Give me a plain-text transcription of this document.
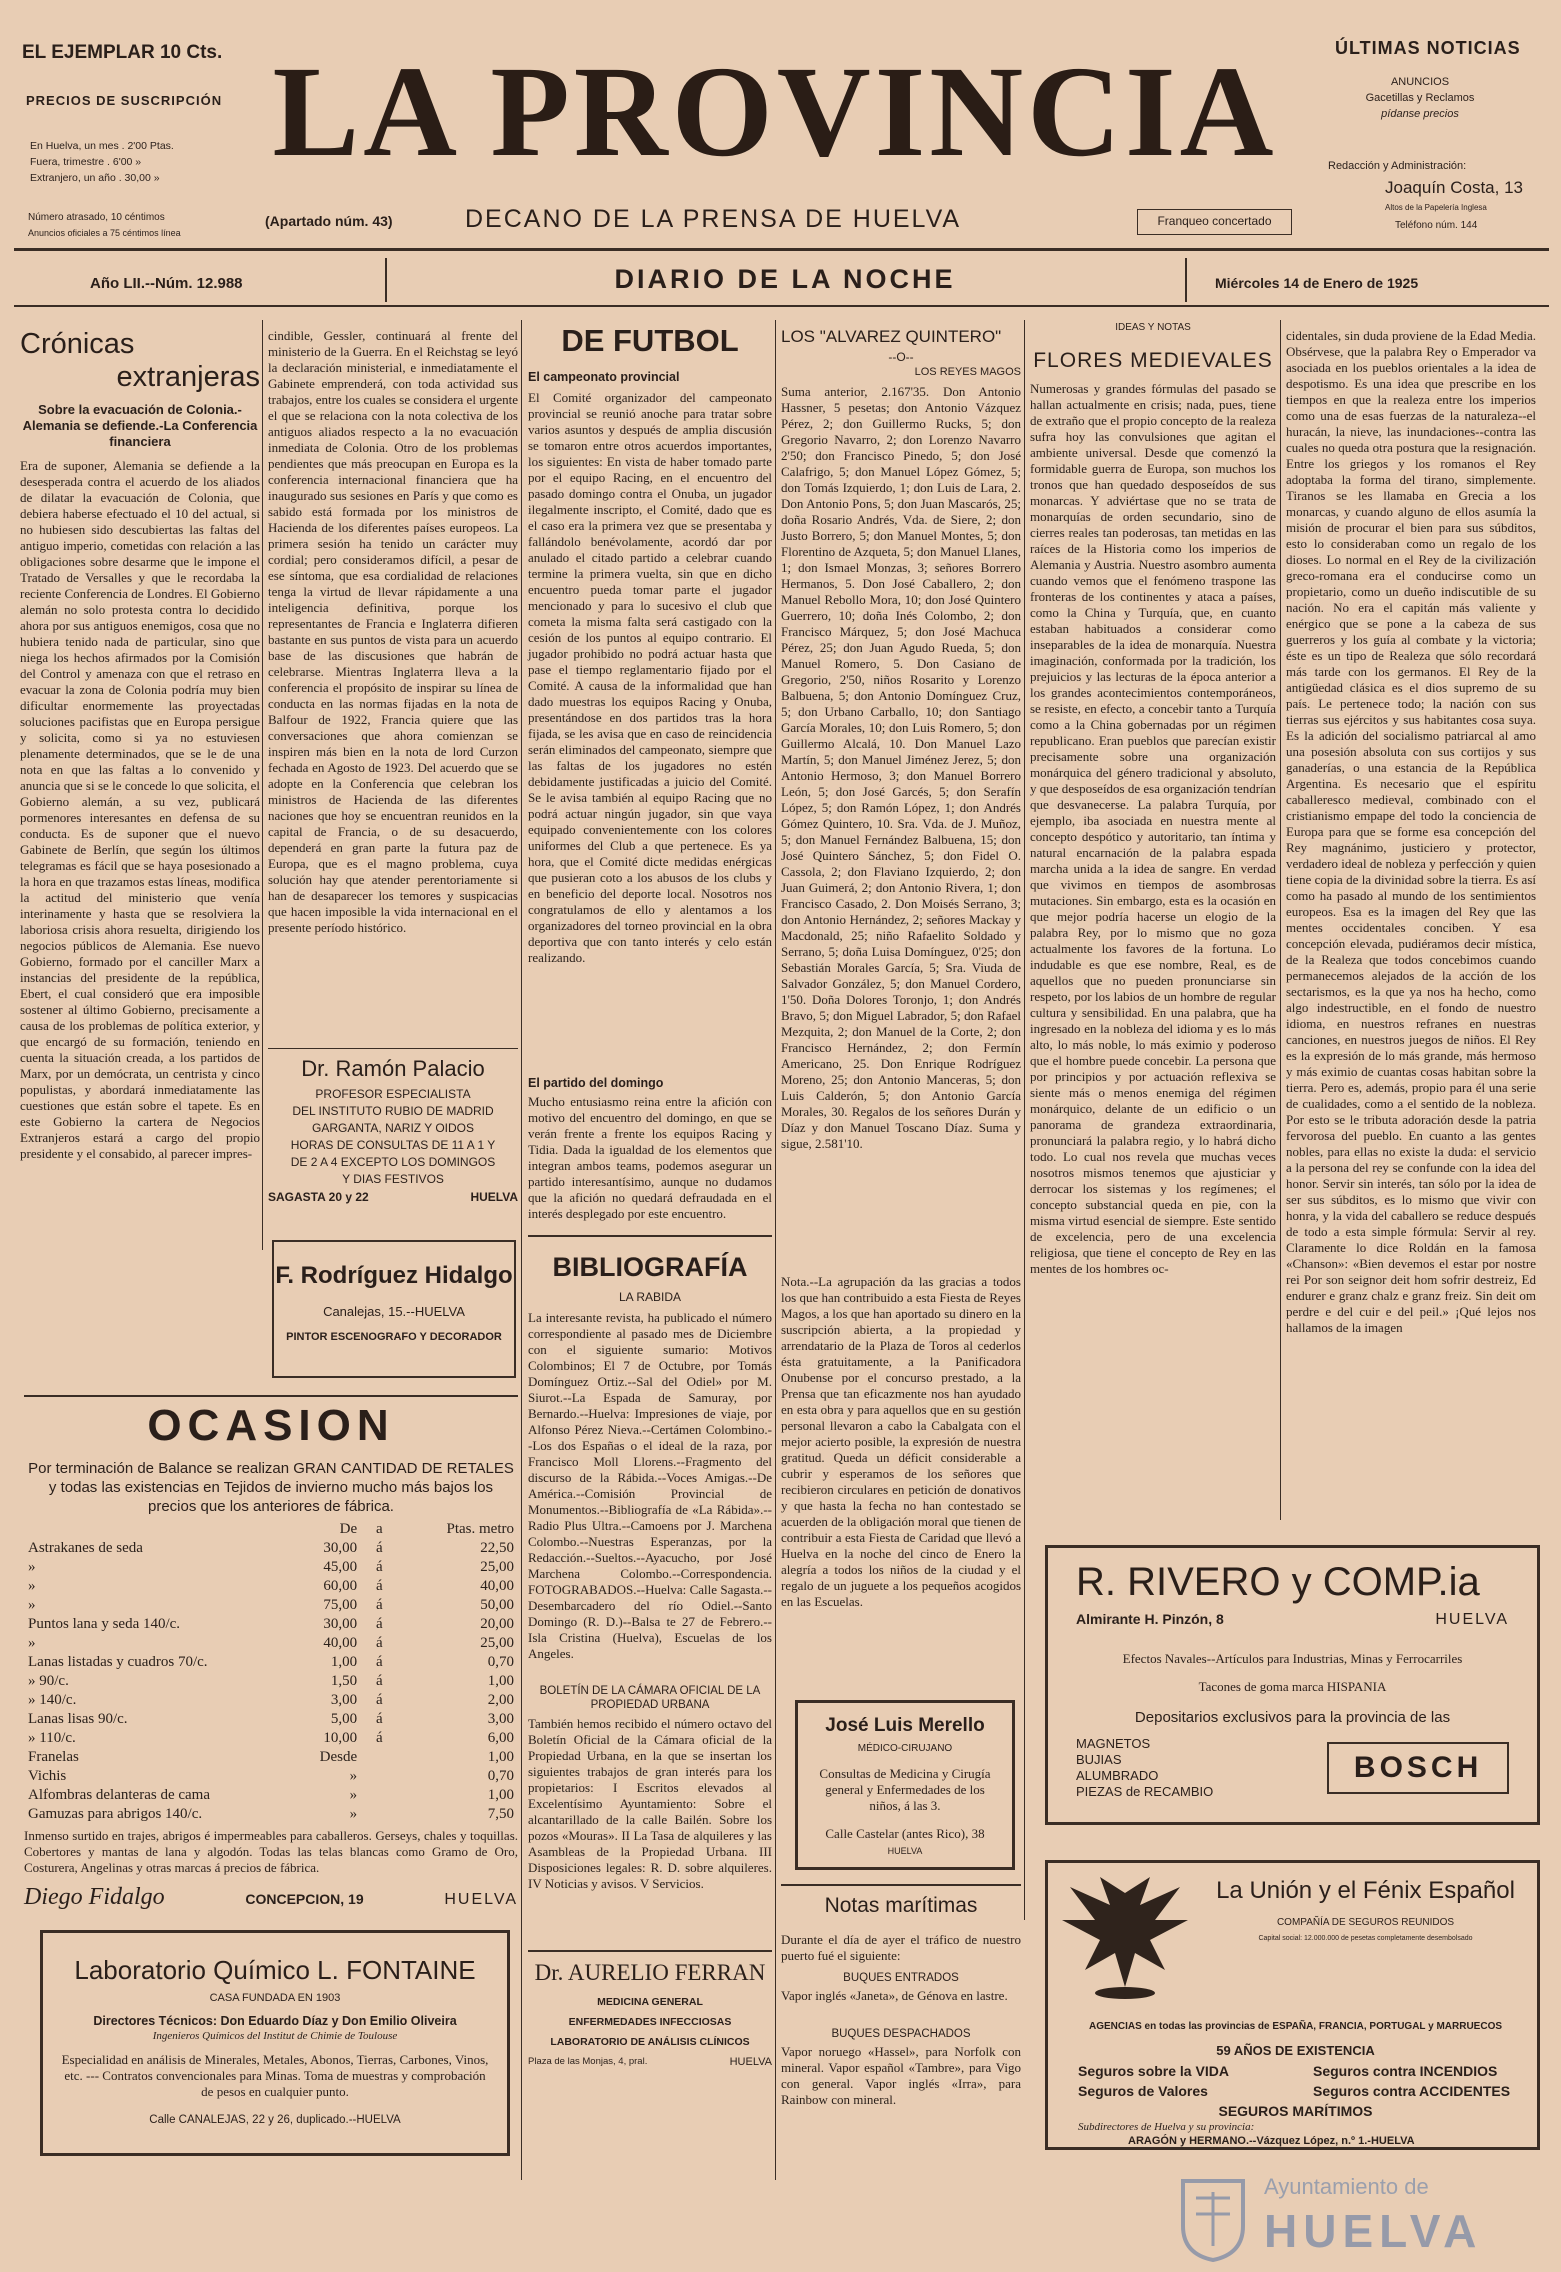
EL EJEMPLAR 10 Cts.
PRECIOS DE SUSCRIPCIÓN
En Huelva, un mes . 2'00 Ptas.
Fuera, trimestre . 6'00 »
Extranjero, un año . 30,00 »
Número atrasado, 10 céntimos
Anuncios oficiales a 75 céntimos línea
LA PROVINCIA
(Apartado núm. 43)	DECANO DE LA PRENSA DE HUELVA	Franqueo concertado
ÚLTIMAS NOTICIAS
ANUNCIOS
Gacetillas y Reclamos
pídanse precios
Redacción y Administración:
Joaquín Costa, 13
Altos de la Papelería Inglesa
Teléfono núm. 144
Año LII.--Núm. 12.988	DIARIO DE LA NOCHE	Miércoles 14 de Enero de 1925
Crónicas
extranjeras
Sobre la evacuación de Colonia.-Alemania se defiende.-La Conferencia financiera
Era de suponer, Alemania se defiende a la desesperada contra el acuerdo de los aliados de dilatar la evacuación de Colonia, que debiera haberse efectuado el 10 del actual, si no hubiesen sido descubiertas las faltas del antiguo imperio, cometidas con relación a las obligaciones sobre desarme que le impone el Tratado de Versalles y que le recordaba la reciente Conferencia de Londres. El Gobierno alemán no solo protesta contra lo decidido ahora por sus antiguos enemigos, cosa que no hubiera tenido nada de particular, sino que niega los hechos afirmados por la Comisión del Control y amenaza con que el retraso en evacuar la zona de Colonia podría muy bien dificultar enormemente las proyectadas soluciones pacifistas que en Europa persigue y solicita, como si ya no estuviesen plenamente determinados, que se le de una nota en que las faltas a lo convenido y anuncia que si se le concede lo que solicita, el Gobierno alemán, a su vez, publicará pormenores interesantes en defensa de su conducta. Es de suponer que el nuevo Gabinete de Berlín, que según los últimos telegramas es fácil que se haya posesionado a la hora en que trazamos estas líneas, modifica la actitud del ministerio que venía interinamente y hasta que se resolviera la laboriosa crisis ahora resuelta, dirigiendo los negocios públicos de Alemania. Ese nuevo Gobierno, formado por el canciller Marx a instancias del presidente de la república, Ebert, el cual consideró que era imposible sostener al último Gobierno, precisamente a causa de los problemas de política exterior, y que encargó de su formación, teniendo en cuenta la situación creada, a los partidos de Marx, por un demócrata, un centrista y cinco populistas, y abordará inmediatamente las cuestiones que están sobre el tapete. Es en este Gobierno la cartera de Negocios Extranjeros estará a cargo del propio presidente y el consabido, al parecer impres-
cindible, Gessler, continuará al frente del ministerio de la Guerra. En el Reichstag se leyó la declaración ministerial, e inmediatamente el Gabinete emprenderá, con toda actividad sus trabajos, entre los cuales se considera el urgente el que se relaciona con la nota colectiva de los antiguos aliados respecto a la no evacuación inmediata de Colonia. Otro de los problemas pendientes que más preocupan en Europa es la conferencia internacional financiera que ha inaugurado sus sesiones en París y que como es sabido está formada por los ministros de Hacienda de los diferentes países europeos. La primera sesión ha tenido un carácter muy cordial; pero consideramos difícil, a pesar de ese síntoma, que esa cordialidad de relaciones tenga la virtud de llevar rápidamente a una inteligencia definitiva, porque los representantes de Francia e Inglaterra difieren bastante en sus puntos de vista para un acuerdo base de las discusiones que habrán de celebrarse. Mientras Inglaterra lleva a la conferencia el propósito de inspirar su línea de conducta en las normas fijadas en la nota de Balfour de 1922, Francia quiere que las conversaciones que ahora comienzan se inspiren más bien en la nota de lord Curzon fechada en Agosto de 1923. Del acuerdo que se adopte en la Conferencia que celebran los ministros de Hacienda de las diferentes naciones que hoy se encuentran reunidos en la capital de Francia, o de su desacuerdo, dependerá en gran parte la futura paz de Europa, que es el magno problema, cuya solución hay que atender perentoriamente si han de desaparecer los temores y suspicacias que hacen imposible la vida internacional en el presente período histórico.
Dr. Ramón Palacio
PROFESOR ESPECIALISTA
DEL INSTITUTO RUBIO DE MADRID
GARGANTA, NARIZ Y OIDOS
HORAS DE CONSULTAS DE 11 A 1 Y
DE 2 A 4 EXCEPTO LOS DOMINGOS
Y DIAS FESTIVOS
SAGASTA 20 y 22	HUELVA
F. Rodríguez Hidalgo
Canalejas, 15.--HUELVA
PINTOR ESCENOGRAFO Y DECORADOR
OCASION
Por terminación de Balance se realizan GRAN CANTIDAD DE RETALES y todas las existencias en Tejidos de invierno mucho más bajos los precios que los anteriores de fábrica.
	De	a	Ptas. metro
Astrakanes de seda	30,00	á	22,50
»	45,00	á	25,00
»	60,00	á	40,00
»	75,00	á	50,00
Puntos lana y seda 140/c.	30,00	á	20,00
»	40,00	á	25,00
Lanas listadas y cuadros 70/c.	1,00	á	0,70
» 90/c.	1,50	á	1,00
» 140/c.	3,00	á	2,00
Lanas lisas 90/c.	5,00	á	3,00
» 110/c.	10,00	á	6,00
Franelas	Desde		1,00
Vichis	»		0,70
Alfombras delanteras de cama	»		1,00
Gamuzas para abrigos 140/c.	»		7,50
Inmenso surtido en trajes, abrigos é impermeables para caballeros. Gerseys, chales y toquillas. Cobertores y mantas de lana y algodón. Todas las telas blancas como Gramo de Oro, Costurera, Angelinas y otras marcas á precios de fábrica.
Diego Fidalgo	CONCEPCION, 19	HUELVA
Laboratorio Químico L. FONTAINE
CASA FUNDADA EN 1903
Directores Técnicos: Don Eduardo Díaz y Don Emilio Oliveira
Ingenieros Químicos del Institut de Chimie de Toulouse
Especialidad en análisis de Minerales, Metales, Abonos, Tierras, Carbones, Vinos, etc. --- Contratos convencionales para Minas. Toma de muestras y comprobación de pesos en cualquier punto.
Calle CANALEJAS, 22 y 26, duplicado.--HUELVA
DE FUTBOL
El campeonato provincial
El Comité organizador del campeonato provincial se reunió anoche para tratar sobre varios asuntos y después de amplia discusión se tomaron entre otros acuerdos importantes, los siguientes: En vista de haber tomado parte por el equipo Racing, en el encuentro del pasado domingo contra el Onuba, un jugador ilegalmente inscripto, el Comité, dado que es el caso era la primera vez que se presentaba y fallándolo benévolamente, acordó dar por anulado el citado partido a celebrar cuando termine la primera vuelta, sin que en dicho encuentro pueda tomar parte el jugador mencionado y para lo sucesivo el club que cometa la misma falta será castigado con la cesión de los puntos al equipo contrario. El jugador prohibido no podrá actuar hasta que pase el tiempo reglamentario fijado por el Comité. A causa de la informalidad que han dado muestras los equipos Racing y Onuba, presentándose en dos partidos tras la hora fijada, se les avisa que en caso de reincidencia serán eliminados del campeonato, siempre que las faltas de los jugadores no estén debidamente justificadas a juicio del Comité. Se le avisa también al equipo Racing que no podrá actuar ningún jugador, sin que vaya equipado convenientemente con los colores uniformes del Club a que pertenece. Es ya hora, que el Comité dicte medidas enérgicas que pusieran coto a los abusos de los clubs y en beneficio del deporte local. Nosotros nos congratulamos de ello y alentamos a los organizadores del torneo provincial en la obra deportiva que con tanto interés y celo están realizando.
El partido del domingo
Mucho entusiasmo reina entre la afición con motivo del encuentro del domingo, en que se verán frente a frente los equipos Racing y Tidia. Dada la igualdad de los elementos que integran ambos teams, podemos asegurar un partido interesantísimo, aunque no dudamos que la afición no quedará defraudada en el interés desplegado por este encuentro.
BIBLIOGRAFÍA
LA RABIDA
La interesante revista, ha publicado el número correspondiente al pasado mes de Diciembre con el siguiente sumario: Motivos Colombinos; El 7 de Octubre, por Tomás Domínguez Ortiz.--Sal del Odiel» por M. Siurot.--La Espada de Samuray, por Bernardo.--Huelva: Impresiones de viaje, por Alfonso Pérez Nieva.--Certámen Colombino.--Los dos Españas o el ideal de la raza, por Francisco Moll Llorens.--Fragmento del discurso de la Rábida.--Voces Amigas.--De América.--Comisión Provincial de Monumentos.--Bibliografía de «La Rábida».--Radio Plus Ultra.--Camoens por J. Marchena Colombo.--Nuestras Esperanzas, por la Redacción.--Sueltos.--Ayacucho, por José Marchena Colombo.--Correspondencia. FOTOGRABADOS.--Huelva: Calle Sagasta.--Desembarcadero del río Odiel.--Santo Domingo (R. D.)--Balsa te 27 de Febrero.--Isla Cristina (Huelva), Escuelas de los Angeles.
BOLETÍN DE LA CÁMARA OFICIAL DE LA PROPIEDAD URBANA
También hemos recibido el número octavo del Boletín Oficial de la Cámara oficial de la Propiedad Urbana, en la que se insertan los siguientes trabajos de gran interés para los propietarios: I Escritos elevados al Excelentísimo Ayuntamiento: Sobre el alcantarillado de la calle Bailén. Sobre los pozos «Mouras». II La Tasa de alquileres y las Asambleas de la Propiedad Urbana. III Disposiciones legales: R. D. sobre alquileres. IV Noticias y avisos. V Servicios.
Dr. AURELIO FERRAN
MEDICINA GENERAL
ENFERMEDADES INFECCIOSAS
LABORATORIO DE ANÁLISIS CLÍNICOS
Plaza de las Monjas, 4, pral.	HUELVA
LOS "ALVAREZ QUINTERO"
--O--
LOS REYES MAGOS
Suma anterior, 2.167'35. Don Antonio Hassner, 5 pesetas; don Antonio Vázquez Pérez, 2; don Guillermo Rucks, 5; don Gregorio Navarro, 2; don Lorenzo Navarro 2'50; don Francisco Pinedo, 5; don José Calafrigo, 5; don Manuel López Gómez, 5; don Tomás Izquierdo, 1; don Luis de Lara, 2. Don Antonio Pons, 5; don Juan Mascarós, 25; doña Rosario Andrés, Vda. de Siere, 2; don Justo Borrero, 5; don Manuel Montes, 5; don Florentino de Azqueta, 5; don Manuel Llanes, 1; don Ismael Monzas, 3; señores Borrero Hermanos, 5. Don José Caballero, 2; don Manuel Rebollo Mora, 10; don José Quintero Guerrero, 10; doña Inés Colombo, 2; don Francisco Márquez, 5; don José Machuca Pérez, 25; don Juan Agudo Rueda, 5; don Manuel Romero, 5. Don Casiano de Gregorio, 2'50, niños Rosarito y Lorenzo Balbuena, 5; don Antonio Domínguez Cruz, 5; don Urbano Carballo, 10; don Santiago García Morales, 10; don Luis Romero, 5; don Guillermo Alcalá, 10. Don Manuel Lazo Martín, 5; don Manuel Jiménez Jerez, 5; don Antonio Hermoso, 3; don Manuel Borrero León, 5; don José Garcés, 5; don Serafín López, 5; don Ramón López, 1; don Andrés Gómez Quintero, 10. Sra. Vda. de J. Muñoz, 5; don Manuel Fernández Balbuena, 15; don José Quintero Sánchez, 5; don Fidel O. Cassola, 2; don Flaviano Izquierdo, 2; don Juan Guimerá, 2; don Antonio Rivera, 1; don Francisco Casado, 2. Don Moisés Serrano, 3; don Antonio Hernández, 2; señores Mackay y Macdonald, 25; niño Rafaelito Soldado y Serrano, 5; doña Luisa Domínguez, 0'25; don Sebastián Morales García, 5; Sra. Viuda de Salvador González, 5; don Manuel Cordero, 1'50. Doña Dolores Toronjo, 1; don Andrés Bravo, 5; don Miguel Labrador, 5; don Rafael Mezquita, 2; don Manuel de la Corte, 2; don Francisco Hernández, 2; don Fermín Americano, 25. Don Enrique Rodríguez Moreno, 25; don Antonio Manceras, 5; don Luis Calderón, 5; don Antonio García Morales, 30. Regalos de los señores Durán y Díaz y don Manuel Toscano Díaz. Suma y sigue, 2.581'10.
Nota.--La agrupación da las gracias a todos los que han contribuido a esta Fiesta de Reyes Magos, a los que han aportado su dinero en la suscripción abierta, a la propiedad y arrendatario de la Plaza de Toros al cederlos ésta gratuitamente, a la Panificadora Onubense por el concurso prestado, a la Prensa que tan eficazmente nos han ayudado en esta obra y para aquellos que en su gestión personal llevaron a cabo la Cabalgata con el mejor acierto posible, la expresión de nuestra gratitud. Queda un déficit considerable a cubrir y esperamos de los señores que recibieron circulares en petición de donativos y que hasta la fecha no han contestado se acuerden de la obligación moral que tienen de contribuir a esta Fiesta de Caridad que llevó a Huelva en la noche del cinco de Enero la alegría a todos los niños de la ciudad y el regalo de un juguete a los pequeños acogidos en las Escuelas.
José Luis Merello
MÉDICO-CIRUJANO
Consultas de Medicina y Cirugía general y Enfermedades de los niños, á las 3.
Calle Castelar (antes Rico), 38
HUELVA
Notas marítimas
Durante el día de ayer el tráfico de nuestro puerto fué el siguiente:
BUQUES ENTRADOS
Vapor inglés «Janeta», de Génova en lastre.
BUQUES DESPACHADOS
Vapor noruego «Hassel», para Norfolk con mineral. Vapor español «Tambre», para Vigo con general. Vapor inglés «Irra», para Rainbow con mineral.
IDEAS Y NOTAS
FLORES MEDIEVALES
Numerosas y grandes fórmulas del pasado se hallan actualmente en crisis; nada, pues, tiene de extraño que el propio concepto de la realeza sufra hoy las convulsiones que agitan el ambiente universal. Desde que comenzó la formidable guerra de Europa, son muchos los tronos que han quedado desposeídos de sus monarcas. Y adviértase que no se trata de monarquías de orden secundario, sino de cierres reales tan poderosas, tan metidas en las raíces de la Historia como los imperios de Alemania y Austria. Nuestro asombro aumenta cuando vemos que el fenómeno traspone las fronteras de los continentes y ataca a países, como la China y Turquía, que, en cuanto estaban habituados a considerar como inseparables de la idea de monarquía. Nuestra imaginación, conformada por la tradición, los prejuicios y las lecturas de la época anterior a los grandes acontecimientos contemporáneos, se resiste, en efecto, a concebir tanto a Turquía como a la China gobernadas por un régimen republicano. Eran pueblos que parecían existir precisamente sobre una organización monárquica del género tradicional y absoluto, y que desposeídos de esa organización tendrían que desvanecerse. La palabra Turquía, por ejemplo, iba asociada en nuestra mente al concepto despótico y autoritario, tan íntima y natural encarnación de la palabra espada marcha unida a la idea de sangre. En verdad que vivimos en tiempos de asombrosas mutaciones. Sin embargo, esta es la ocasión en que mejor podría hacerse un elogio de la palabra Rey, por lo mismo que no goza actualmente los favores de la fortuna. Lo indudable es que ese nombre, Real, es de aquellos que no pueden pronunciarse sin respeto, por los labios de un hombre de regular cultura y sensibilidad. En una palabra, que ha ingresado en la nobleza del idioma y es lo más alto, lo más noble, lo más eximio y poderoso que el hombre puede concebir. La persona que por principios y por actuación reflexiva se siente más o menos enemiga del régimen monárquico, delante de un edificio o un panorama de grandeza extraordinaria, pronunciará la palabra regio, y lo habrá dicho todo. Lo cual nos revela que muchas veces nosotros mismos tenemos que ajusticiar y derrocar los sistemas y los regímenes; el concepto substancial queda en pie, con la misma virtud esencial de siempre. Este sentido de excelencia, pero de una excelencia religiosa, que tiene el concepto de Rey en las mentes de los hombres oc-
cidentales, sin duda proviene de la Edad Media. Obsérvese, que la palabra Rey o Emperador va asociada en los pueblos orientales a la idea de despotismo. Es una idea que prescribe en los tiempos en que la realeza entre los imperios como una de esas fuerzas de la naturaleza--el huracán, la nieve, las inundaciones--contra las cuales no queda otra postura que la resignación. Entre los griegos y los romanos el Rey adoptaba la forma del tirano, simplemente. Tiranos se les llamaba en Grecia a los monarcas, y cuando alguno de ellos asumía la misión de procurar el bien para sus súbditos, esto lo consideraban como un regalo de los dioses. Lo normal en el Rey de la civilización greco-romana era el conducirse como un propietario, como un dueño indiscutible de su nación. No era el capitán más valiente y enérgico que se pone a la cabeza de sus guerreros y los guía al combate y la victoria; éste es un tipo de Realeza que sólo recordará más tarde con los germanos. El Rey de la antigüedad clásica es el dios supremo de su país. Le pertenece todo; la nación con sus tierras sus ejércitos y sus habitantes cosa suya. Es la adición del socialismo patriarcal al amo una posesión absoluta con sus cortijos y sus ganaderías, o una estancia de la República Argentina. Es necesario que el espíritu caballeresco medieval, combinado con el cristianismo empape del todo la conciencia de Europa para que se forme esa concepción del Rey magnánimo, justiciero y protector, verdadero ideal de nobleza y perfección y quien tiene copia de la divinidad sobre la tierra. Es así como ha pasado al mundo de los sentimientos europeos. Esa es la imagen del Rey que las mentes occidentales conciben. Y esa concepción elevada, pudiéramos decir mística, de la Realeza que todos concebimos cuando permanecemos alejados de la acción de los sectarismos, es la que ya nos ha hecho, como algo indestructible, en el fondo de nuestro idioma, en nuestros refranes en nuestras canciones, en nuestros juegos de niños. El Rey es la expresión de lo más grande, más hermoso y más eximio de cuantas cosas habitan sobre la tierra. Pero es, además, propio para él una serie de cualidades, como a el sentido de la nobleza. Por esto se le tributa adoración desde la patria fervorosa del pueblo. En cuanto a las gentes nobles, para ellas no existe la duda: el servicio a la persona del rey se confunde con la idea del honor. Servir sin interés, tan sólo por la idea de ser sus súbditos, es lo mismo que vivir con honra, y la vida del caballero se reduce después de todo a esta simple fórmula: Servir al rey. Claramente lo dice Roldán en la famosa «Chanson»: «Bien devemos el estar por nostre rei Por son seignor deit hom sofrir destreiz, Ed endurer e granz chalz e granz freiz. Sin deit om perdre e del cuir e del peil.» ¡Qué lejos nos hallamos de la imagen
R. RIVERO y COMP.ia
Almirante H. Pinzón, 8	HUELVA
Efectos Navales--Artículos para Industrias, Minas y Ferrocarriles
Tacones de goma marca HISPANIA
Depositarios exclusivos para la provincia de las
MAGNETOS
BUJIAS
ALUMBRADO
PIEZAS de RECAMBIO
BOSCH
La Unión y el Fénix Español
COMPAÑÍA DE SEGUROS REUNIDOS
Capital social: 12.000.000 de pesetas completamente desembolsado
AGENCIAS en todas las provincias de ESPAÑA, FRANCIA, PORTUGAL y MARRUECOS
59 AÑOS DE EXISTENCIA
Seguros sobre la VIDA	Seguros contra INCENDIOS
Seguros de Valores	Seguros contra ACCIDENTES
SEGUROS MARÍTIMOS
Subdirectores de Huelva y su provincia:
ARAGÓN y HERMANO.--Vázquez López, n.º 1.-HUELVA
Ayuntamiento de
HUELVA
